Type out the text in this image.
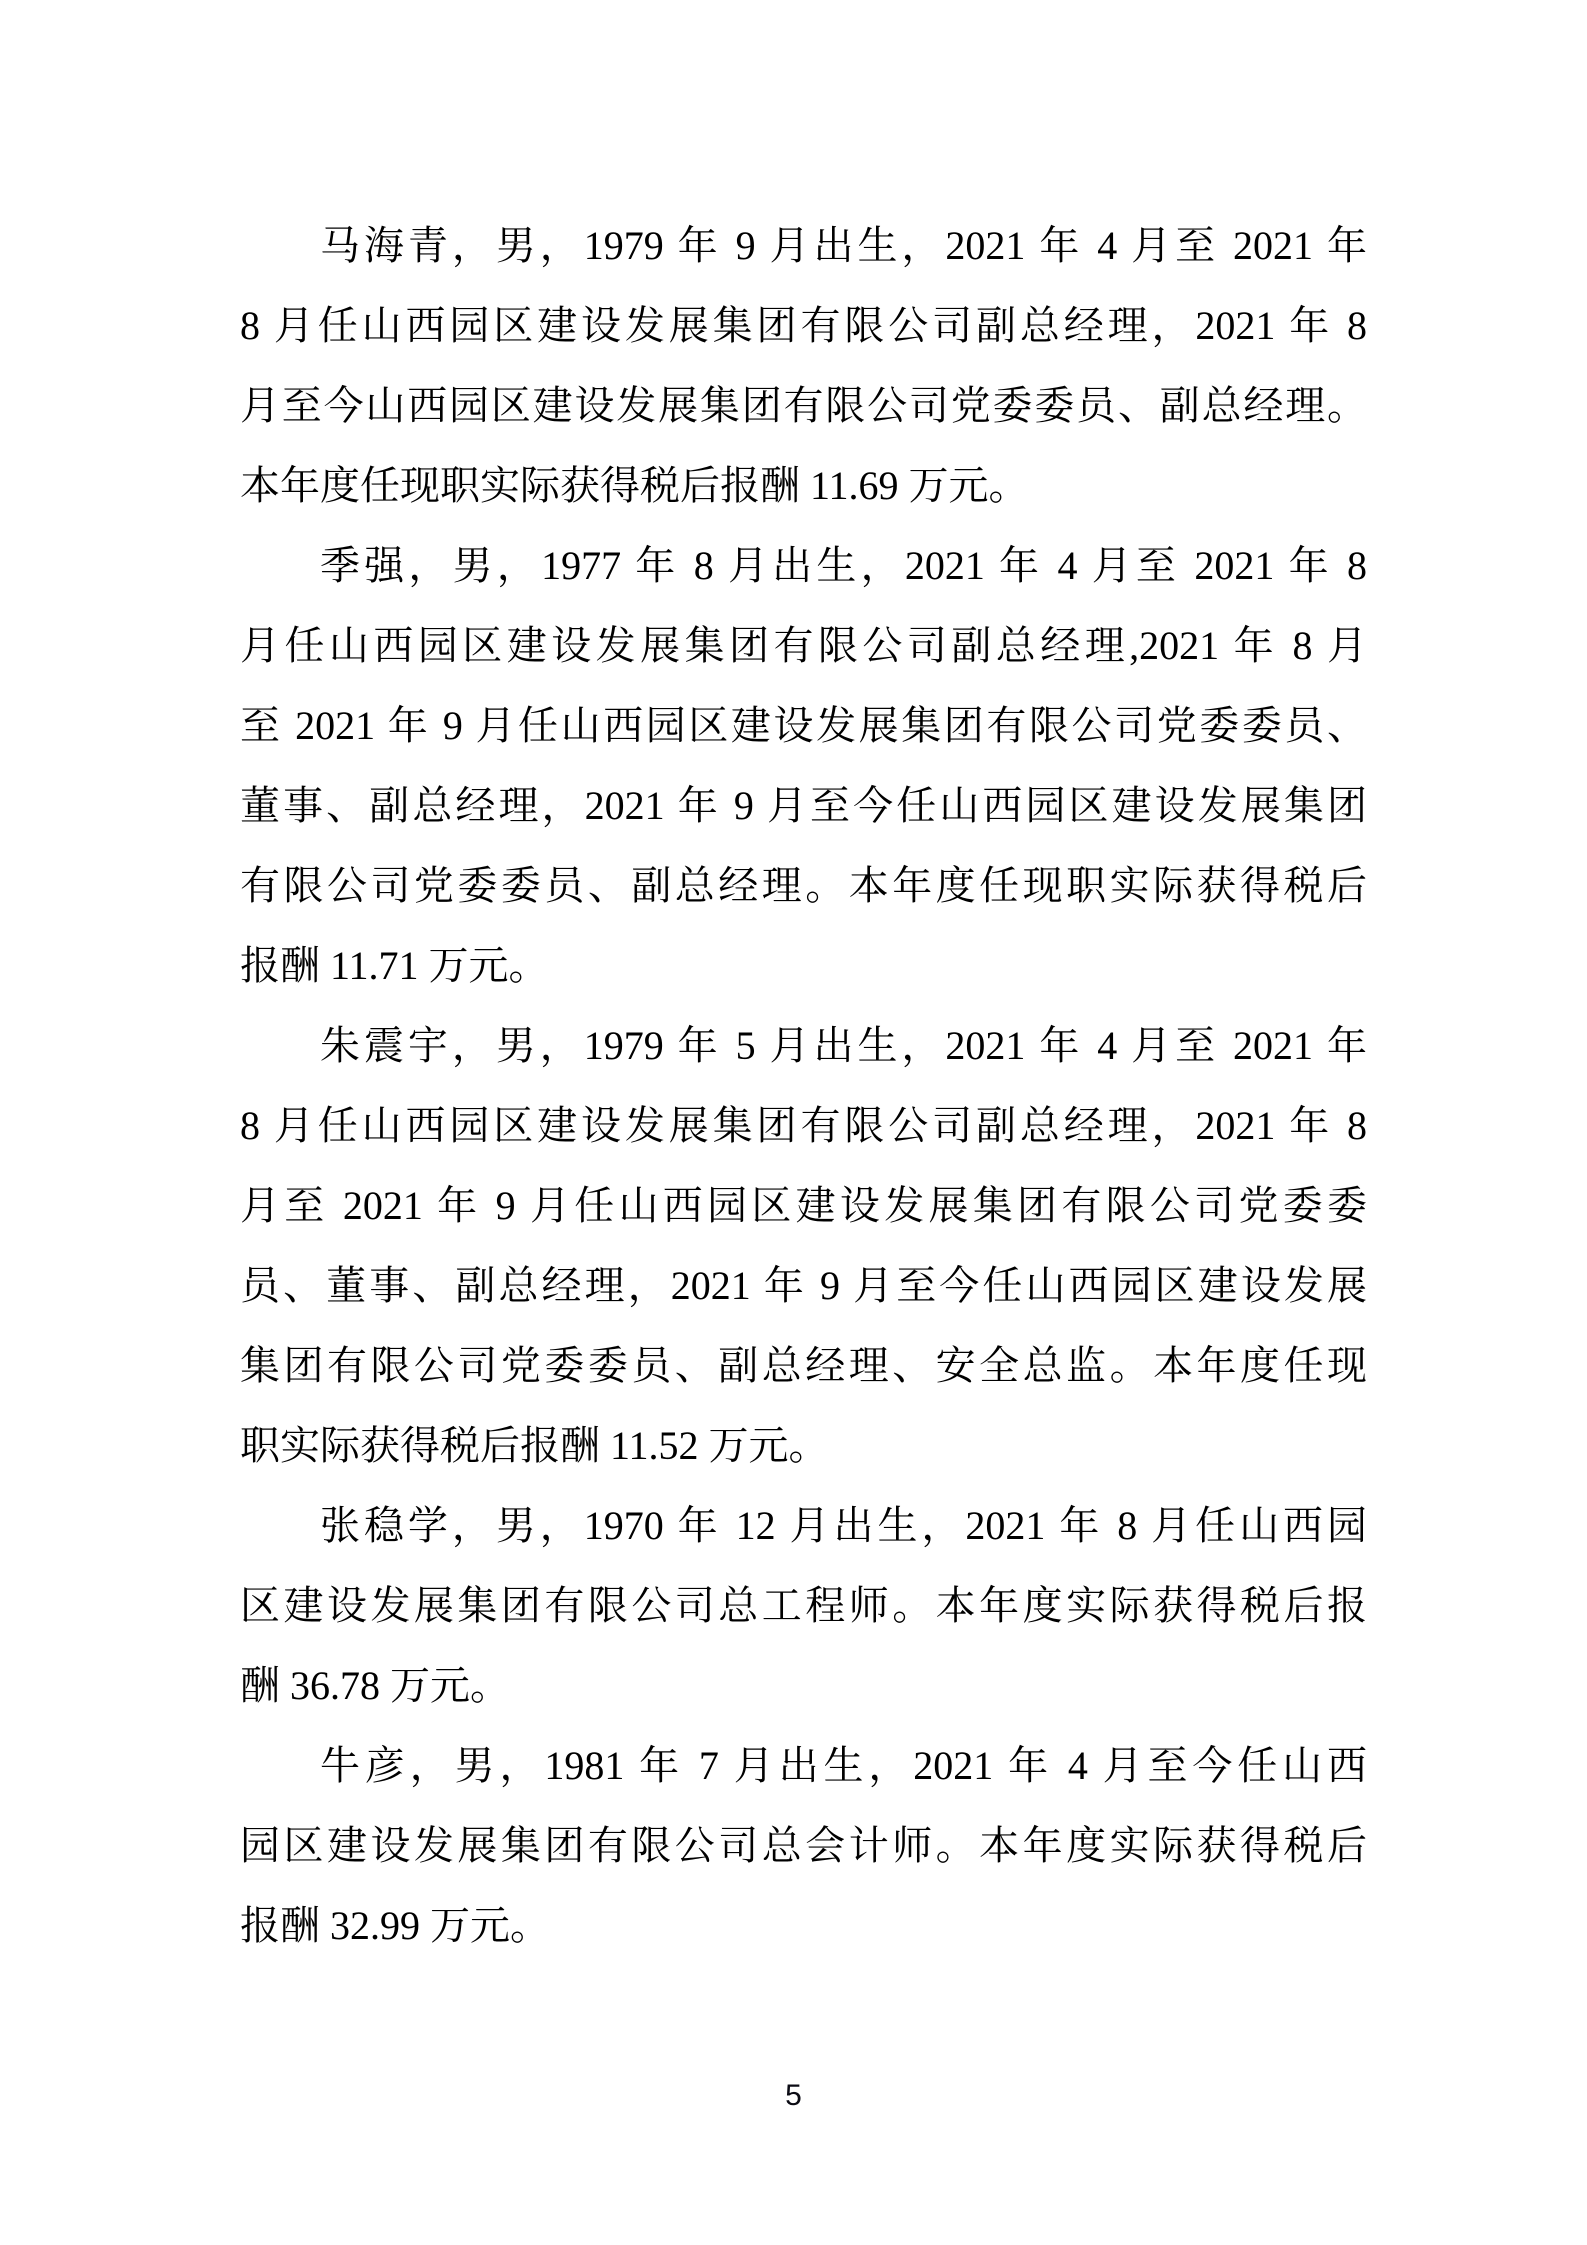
马海青，男，1979 年 9 月出生，2021 年 4 月至 2021 年
8 月任山西园区建设发展集团有限公司副总经理，2021 年 8
月至今山西园区建设发展集团有限公司党委委员、副总经理。
本年度任现职实际获得税后报酬 11.69 万元。
季强，男，1977 年 8 月出生，2021 年 4 月至 2021 年 8
月任山西园区建设发展集团有限公司副总经理,2021 年 8 月
至 2021 年 9 月任山西园区建设发展集团有限公司党委委员、
董事、副总经理，2021 年 9 月至今任山西园区建设发展集团
有限公司党委委员、副总经理。本年度任现职实际获得税后
报酬 11.71 万元。
朱震宇，男，1979 年 5 月出生，2021 年 4 月至 2021 年
8 月任山西园区建设发展集团有限公司副总经理，2021 年 8
月至 2021 年 9 月任山西园区建设发展集团有限公司党委委
员、董事、副总经理，2021 年 9 月至今任山西园区建设发展
集团有限公司党委委员、副总经理、安全总监。本年度任现
职实际获得税后报酬 11.52 万元。
张稳学，男，1970 年 12 月出生，2021 年 8 月任山西园
区建设发展集团有限公司总工程师。本年度实际获得税后报
酬 36.78 万元。
牛彦，男，1981 年 7 月出生，2021 年 4 月至今任山西
园区建设发展集团有限公司总会计师。本年度实际获得税后
报酬 32.99 万元。
5
